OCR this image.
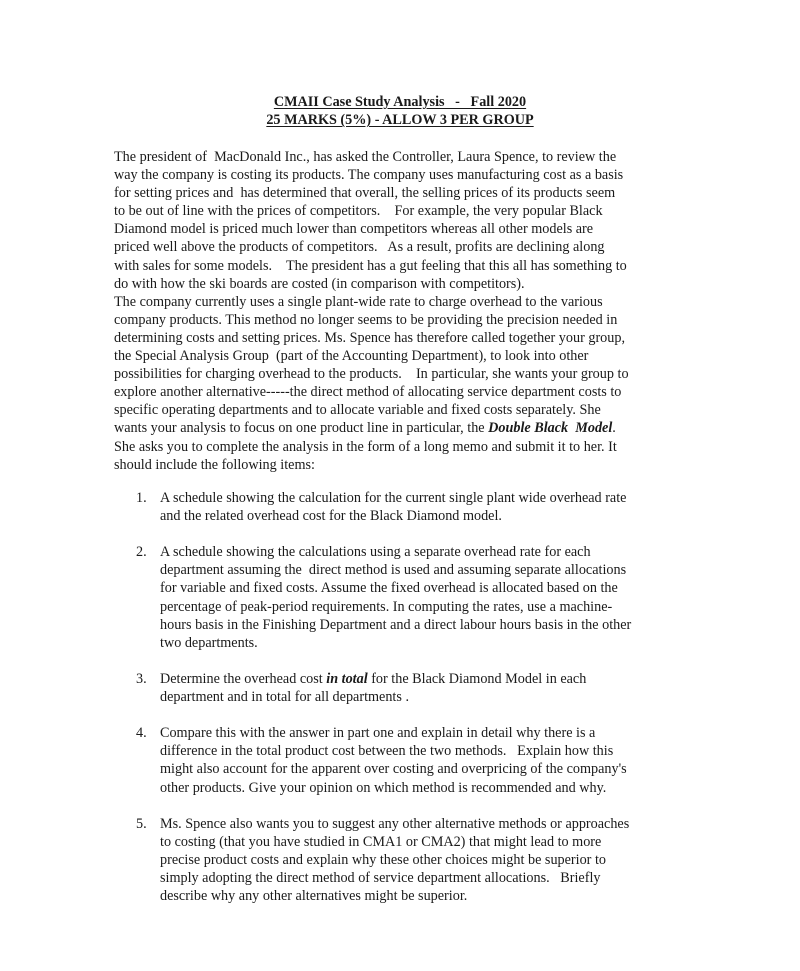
CMAII Case Study Analysis   -   Fall 2020
25 MARKS (5%) - ALLOW 3 PER GROUP

The president of  MacDonald Inc., has asked the Controller, Laura Spence, to review the
way the company is costing its products. The company uses manufacturing cost as a basis
for setting prices and  has determined that overall, the selling prices of its products seem
to be out of line with the prices of competitors.    For example, the very popular Black
Diamond model is priced much lower than competitors whereas all other models are
priced well above the products of competitors.   As a result, profits are declining along
with sales for some models.    The president has a gut feeling that this all has something to
do with how the ski boards are costed (in comparison with competitors).

The company currently uses a single plant-wide rate to charge overhead to the various
company products. This method no longer seems to be providing the precision needed in
determining costs and setting prices. Ms. Spence has therefore called together your group,
the Special Analysis Group  (part of the Accounting Department), to look into other
possibilities for charging overhead to the products.    In particular, she wants your group to
explore another alternative-----the direct method of allocating service department costs to
specific operating departments and to allocate variable and fixed costs separately. She
wants your analysis to focus on one product line in particular, the Double Black  Model.
She asks you to complete the analysis in the form of a long memo and submit it to her. It
should include the following items:

1. A schedule showing the calculation for the current single plant wide overhead rate
and the related overhead cost for the Black Diamond model.
2. A schedule showing the calculations using a separate overhead rate for each
department assuming the  direct method is used and assuming separate allocations
for variable and fixed costs. Assume the fixed overhead is allocated based on the
percentage of peak-period requirements. In computing the rates, use a machine-
hours basis in the Finishing Department and a direct labour hours basis in the other
two departments.
3. Determine the overhead cost in total for the Black Diamond Model in each
department and in total for all departments .
4. Compare this with the answer in part one and explain in detail why there is a
difference in the total product cost between the two methods.   Explain how this
might also account for the apparent over costing and overpricing of the company's
other products. Give your opinion on which method is recommended and why.
5. Ms. Spence also wants you to suggest any other alternative methods or approaches
to costing (that you have studied in CMA1 or CMA2) that might lead to more
precise product costs and explain why these other choices might be superior to
simply adopting the direct method of service department allocations.   Briefly
describe why any other alternatives might be superior.
